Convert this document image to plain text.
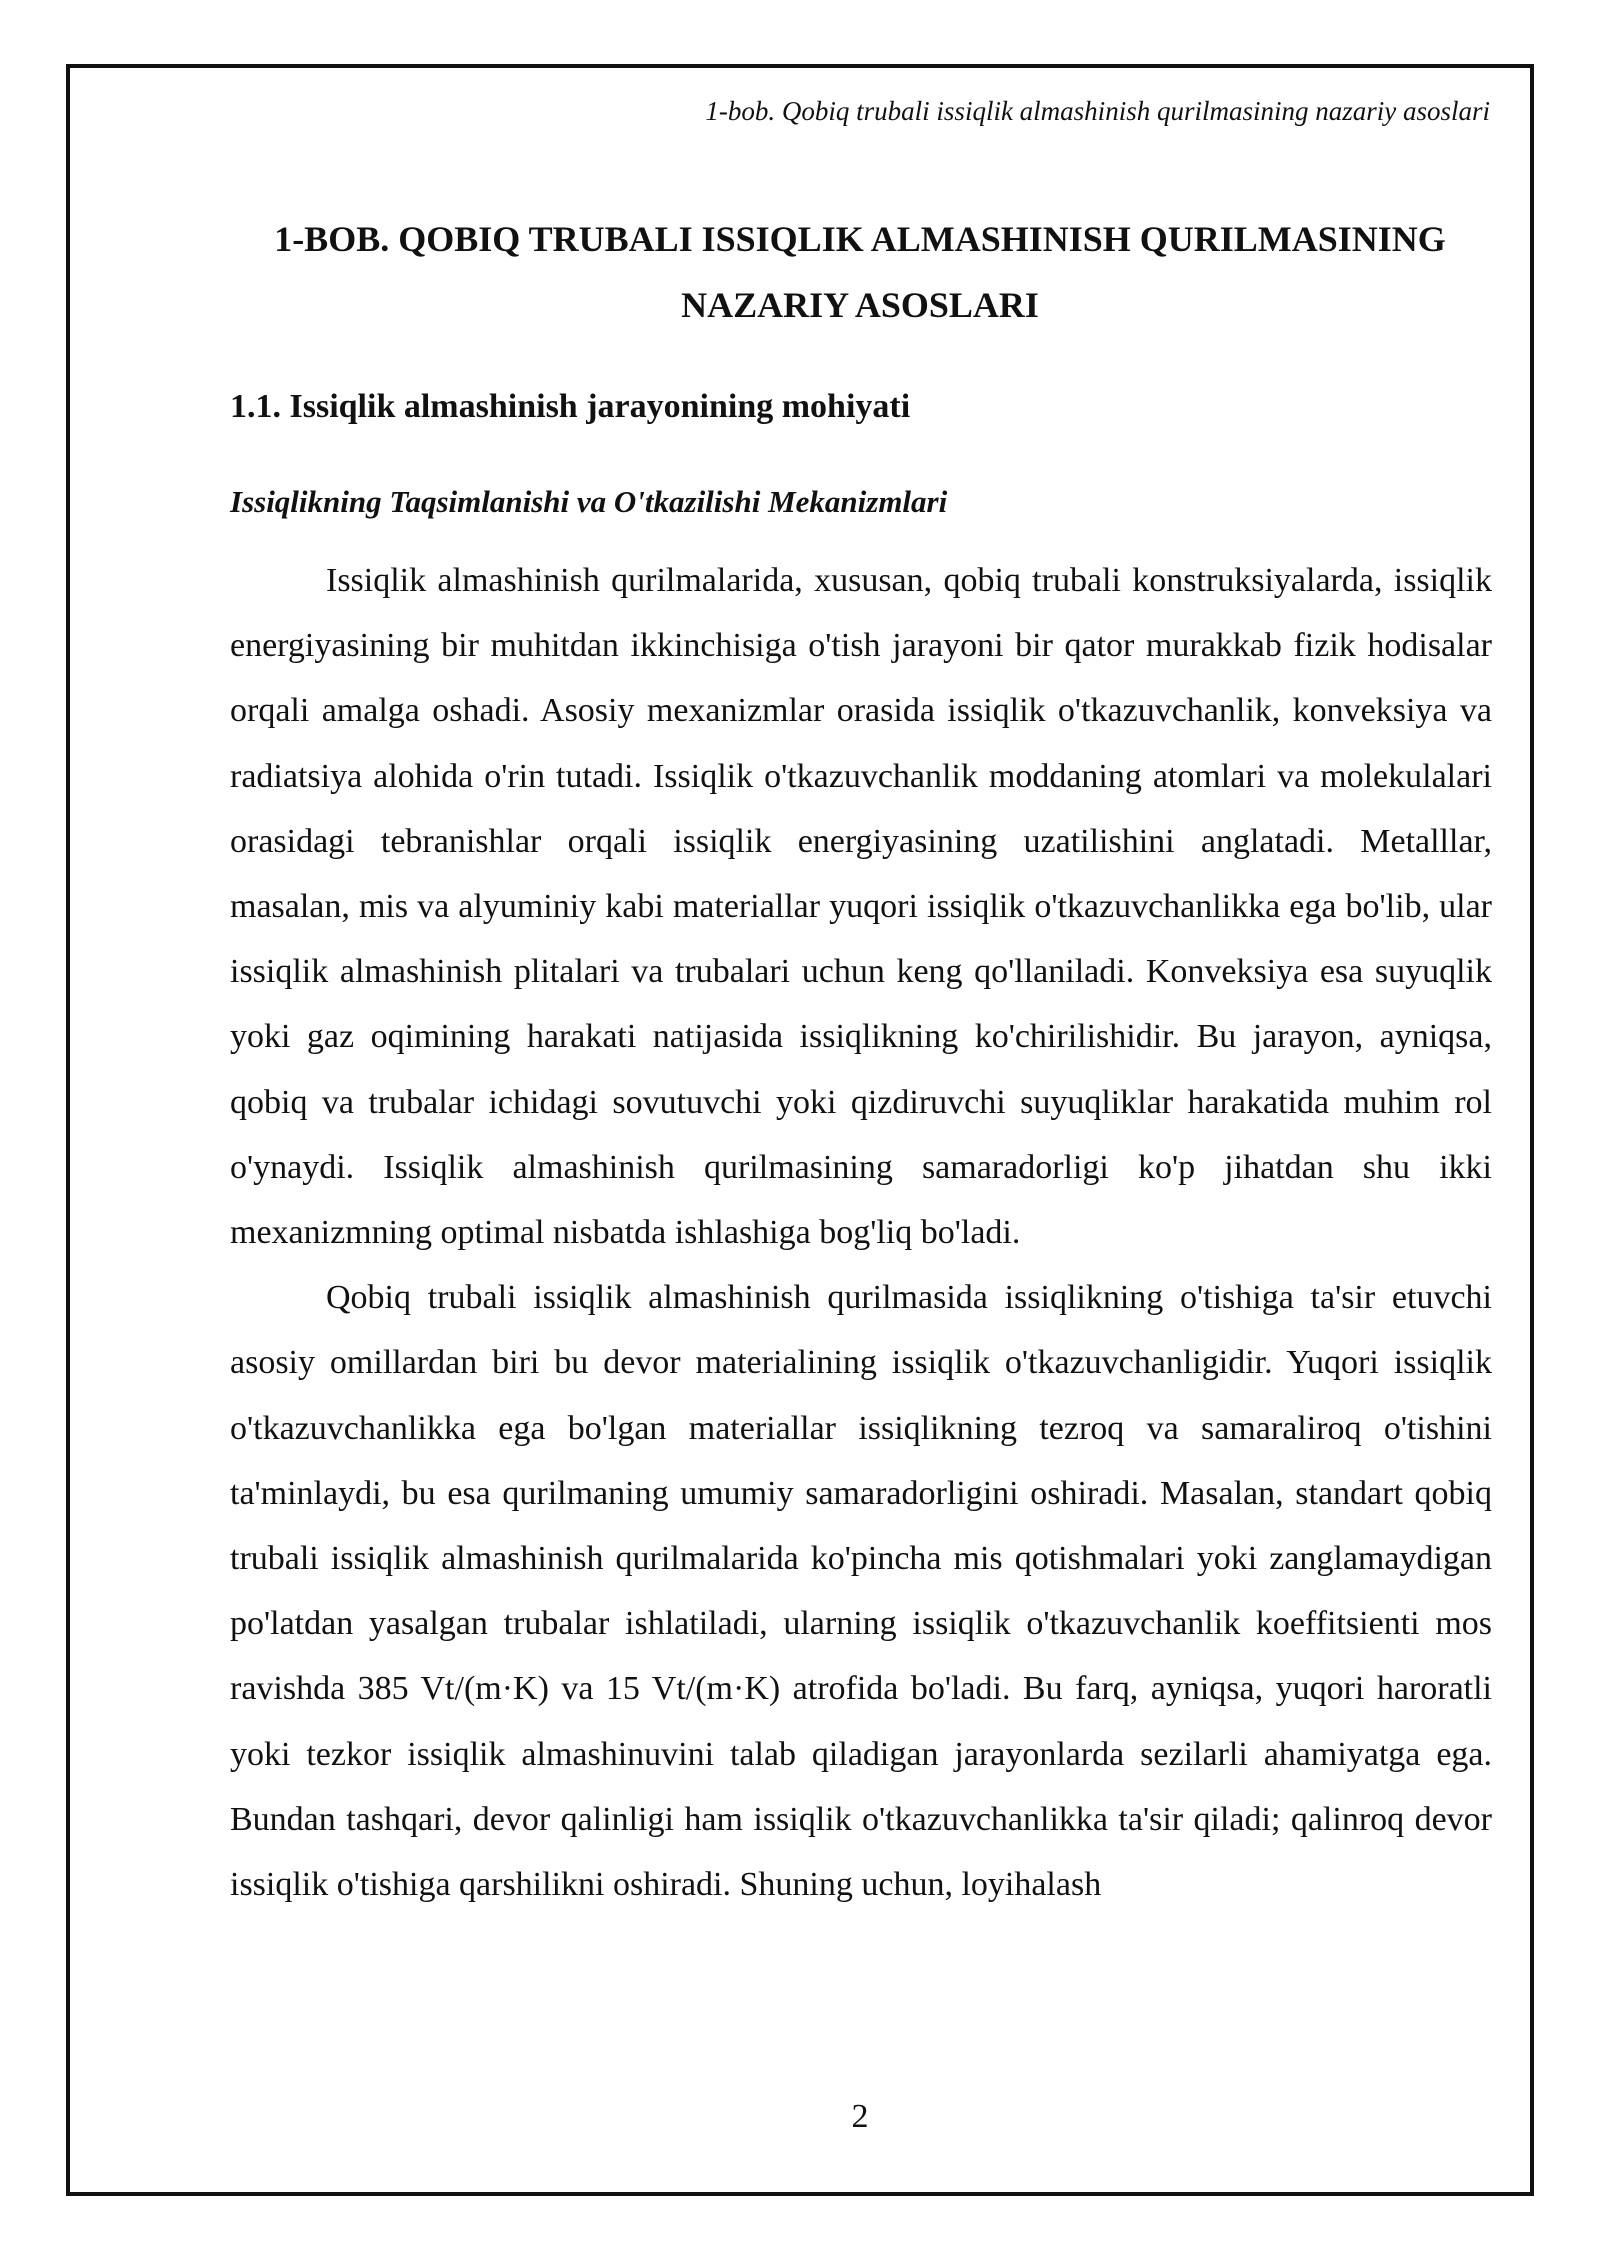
1-bob. Qobiq trubali issiqlik almashinish qurilmasining nazariy asoslari
1-BOB. QOBIQ TRUBALI ISSIQLIK ALMASHINISH QURILMASINING
NAZARIY ASOSLARI
1.1. Issiqlik almashinish jarayonining mohiyati
Issiqlikning Taqsimlanishi va O'tkazilishi Mekanizmlari

Issiqlik almashinish qurilmalarida, xususan, qobiq trubali konstruksiyalarda, issiqlik energiyasining bir muhitdan ikkinchisiga o'tish jarayoni bir qator murakkab fizik hodisalar orqali amalga oshadi. Asosiy mexanizmlar orasida issiqlik o'tkazuvchanlik, konveksiya va radiatsiya alohida o'rin tutadi. Issiqlik o'tkazuvchanlik moddaning atomlari va molekulalari orasidagi tebranishlar orqali issiqlik energiyasining uzatilishini anglatadi. Metalllar, masalan, mis va alyuminiy kabi materiallar yuqori issiqlik o'tkazuvchanlikka ega bo'lib, ular issiqlik almashinish plitalari va trubalari uchun keng qo'llaniladi. Konveksiya esa suyuqlik yoki gaz oqimining harakati natijasida issiqlikning ko'chirilishidir. Bu jarayon, ayniqsa, qobiq va trubalar ichidagi sovutuvchi yoki qizdiruvchi suyuqliklar harakatida muhim rol o'ynaydi. Issiqlik almashinish qurilmasining samaradorligi ko'p jihatdan shu ikki mexanizmning optimal nisbatda ishlashiga bog'liq bo'ladi.

Qobiq trubali issiqlik almashinish qurilmasida issiqlikning o'tishiga ta'sir etuvchi asosiy omillardan biri bu devor materialining issiqlik o'tkazuvchanligidir. Yuqori issiqlik o'tkazuvchanlikka ega bo'lgan materiallar issiqlikning tezroq va samaraliroq o'tishini ta'minlaydi, bu esa qurilmaning umumiy samaradorligini oshiradi. Masalan, standart qobiq trubali issiqlik almashinish qurilmalarida ko'pincha mis qotishmalari yoki zanglamaydigan po'latdan yasalgan trubalar ishlatiladi, ularning issiqlik o'tkazuvchanlik koeffitsienti mos ravishda 385 Vt/(m·K) va 15 Vt/(m·K) atrofida bo'ladi. Bu farq, ayniqsa, yuqori haroratli yoki tezkor issiqlik almashinuvini talab qiladigan jarayonlarda sezilarli ahamiyatga ega. Bundan tashqari, devor qalinligi ham issiqlik o'tkazuvchanlikka ta'sir qiladi; qalinroq devor issiqlik o'tishiga qarshilikni oshiradi. Shuning uchun, loyihalash

2
